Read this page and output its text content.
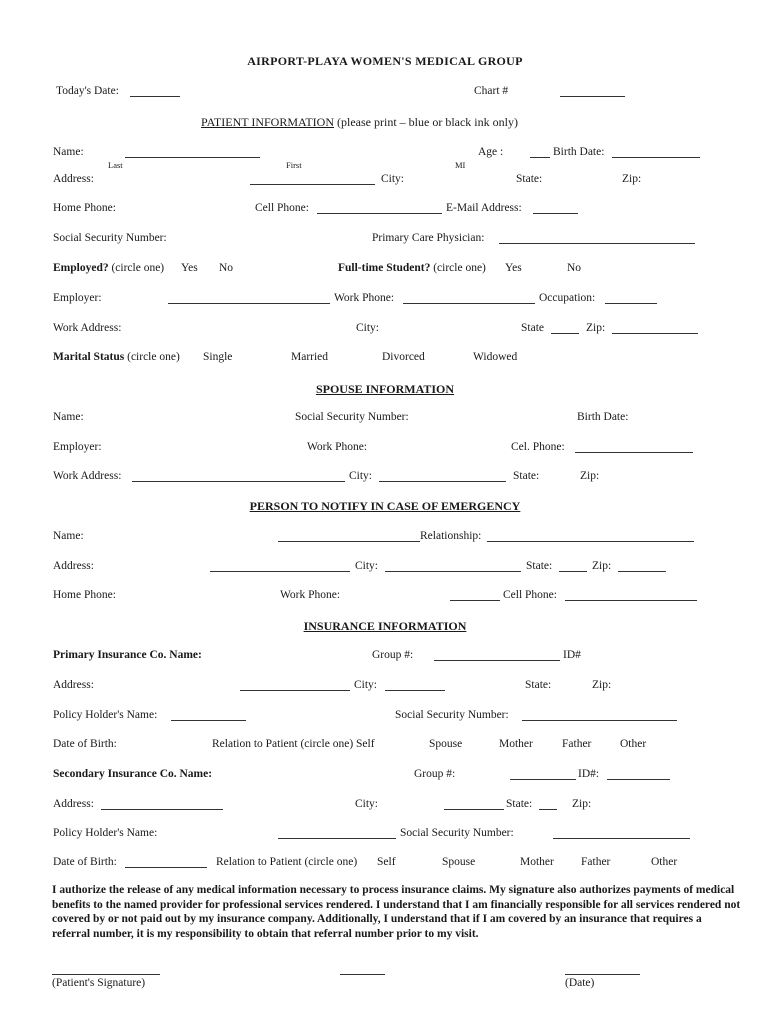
AIRPORT-PLAYA WOMEN'S MEDICAL GROUP
Today's Date:	Chart #
PATIENT INFORMATION (please print – blue or black ink only)
Name:	Age :	Birth Date:
Last	First	MI
Address:	City:	State:	Zip:
Home Phone:	Cell Phone:	E-Mail Address:
Social Security Number:	Primary Care Physician:
Employed? (circle one) Yes No	Full-time Student? (circle one) Yes	No
Employer:	Work Phone:	Occupation:
Work Address:	City:	State	Zip:
Marital Status (circle one) Single	Married	Divorced	Widowed
SPOUSE INFORMATION
Name:	Social Security Number:	Birth Date:
Employer:	Work Phone:	Cel. Phone:
Work Address:	City:	State:	Zip:
PERSON TO NOTIFY IN CASE OF EMERGENCY
Name:	Relationship:
Address:	City:	State:	Zip:
Home Phone:	Work Phone:	Cell Phone:
INSURANCE INFORMATION
Primary Insurance Co. Name:	Group #:	ID#
Address:	City:	State:	Zip:
Policy Holder's Name:	Social Security Number:
Date of Birth:	Relation to Patient (circle one) Self	Spouse	Mother	Father Other
Secondary Insurance Co. Name:	Group #:	ID#:
Address:	City:	State:	Zip:
Policy Holder's Name:	Social Security Number:
Date of Birth:	Relation to Patient (circle one) Self	Spouse	Mother Father	Other
I authorize the release of any medical information necessary to process insurance claims. My signature also authorizes payments of medical benefits to the named provider for professional services rendered. I understand that I am financially responsible for all services rendered not covered by or not paid out by my insurance company. Additionally, I understand that if I am covered by an insurance that requires a referral number, it is my responsibility to obtain that referral number prior to my visit.
(Patient's Signature)	(Date)
